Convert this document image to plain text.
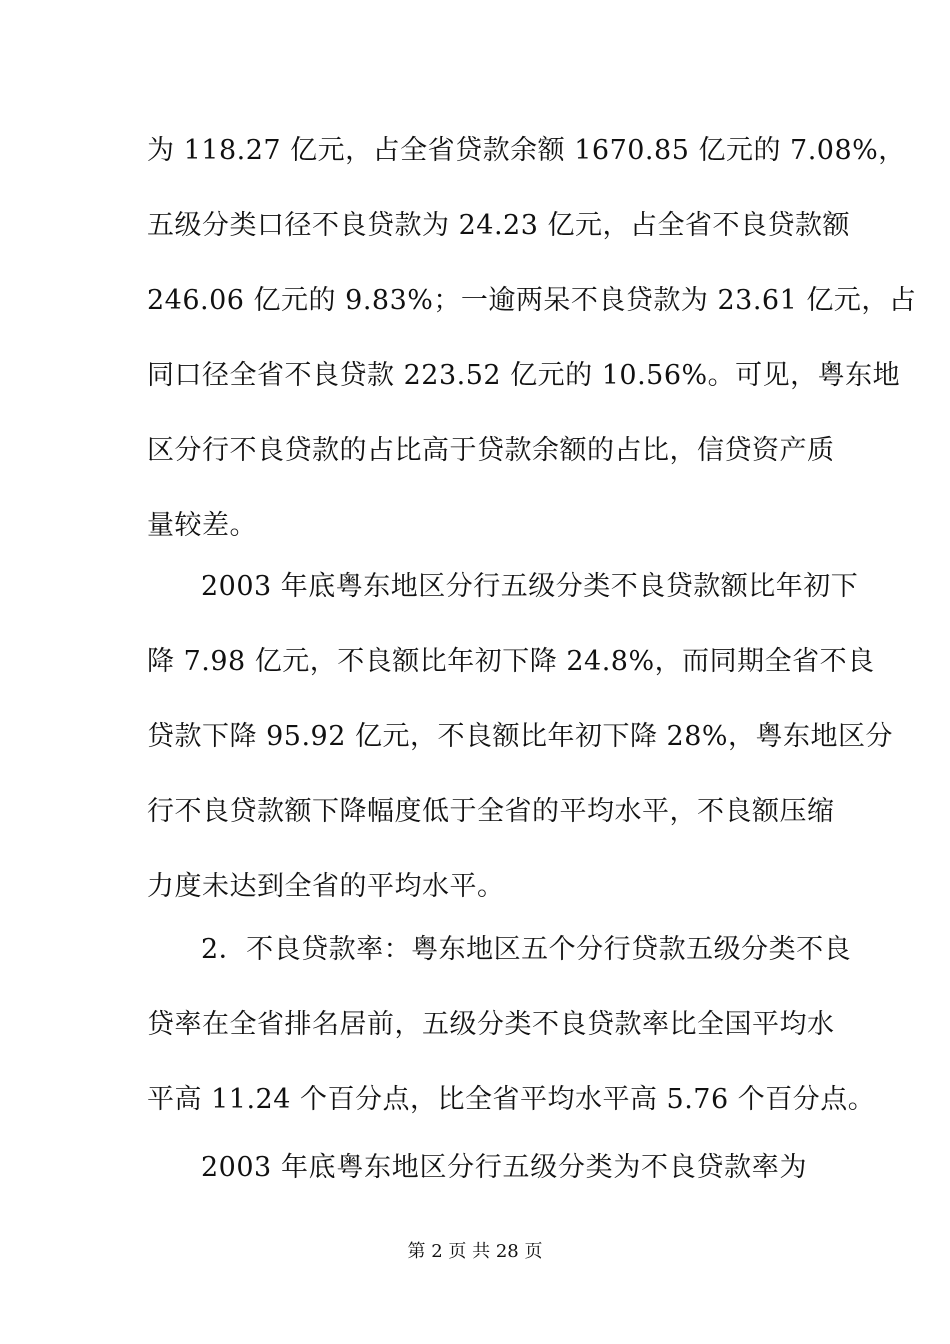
为 118.27 亿元，占全省贷款余额 1670.85 亿元的 7.08%，
五级分类口径不良贷款为 24.23 亿元，占全省不良贷款额
246.06 亿元的 9.83%；一逾两呆不良贷款为 23.61 亿元，占
同口径全省不良贷款 223.52 亿元的 10.56%。可见，粤东地
区分行不良贷款的占比高于贷款余额的占比，信贷资产质
量较差。
2003 年底粤东地区分行五级分类不良贷款额比年初下
降 7.98 亿元，不良额比年初下降 24.8%，而同期全省不良
贷款下降 95.92 亿元，不良额比年初下降 28%，粤东地区分
行不良贷款额下降幅度低于全省的平均水平，不良额压缩
力度未达到全省的平均水平。
2．不良贷款率：粤东地区五个分行贷款五级分类不良
贷率在全省排名居前，五级分类不良贷款率比全国平均水
平高 11.24 个百分点，比全省平均水平高 5.76 个百分点。
2003 年底粤东地区分行五级分类为不良贷款率为
第 2 页 共 28 页
